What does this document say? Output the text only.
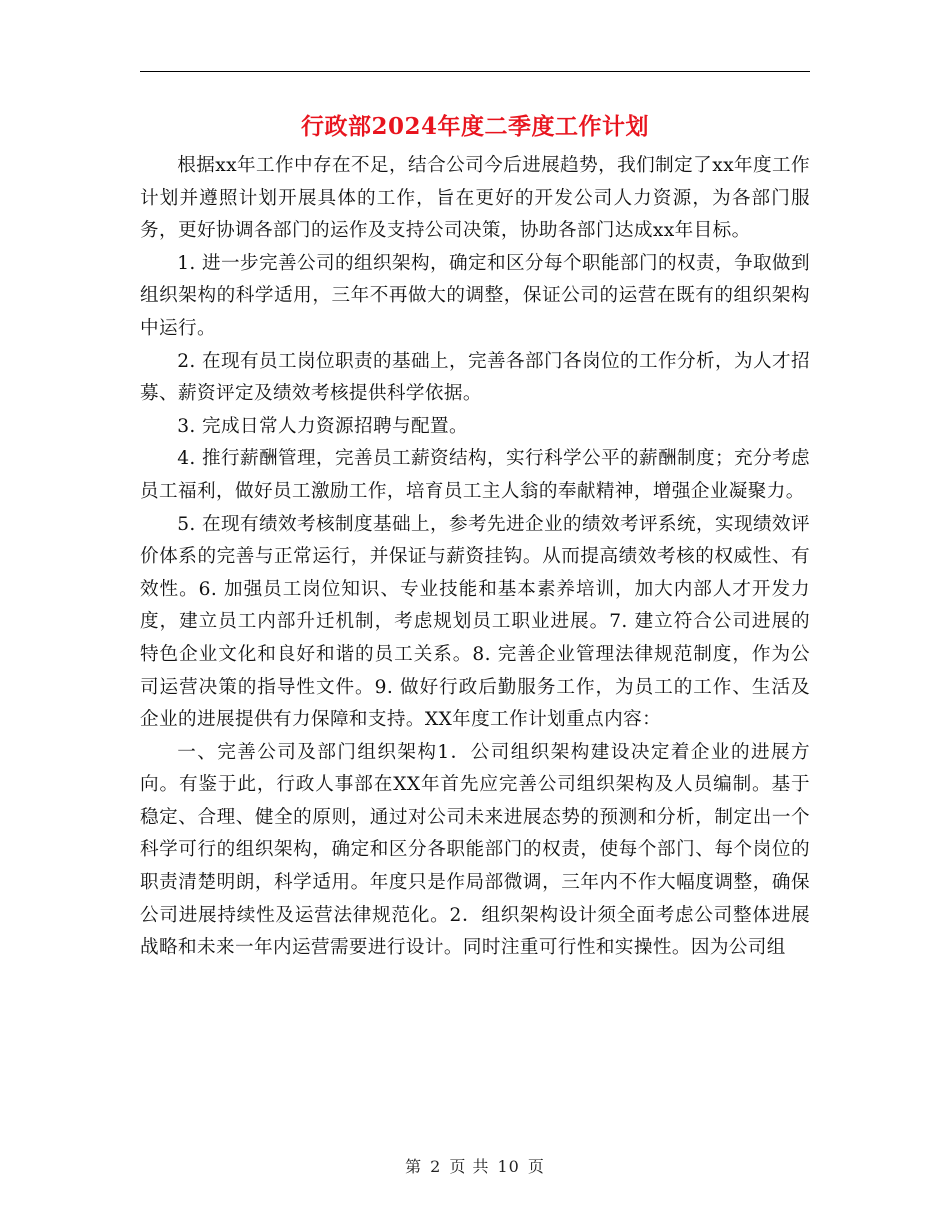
行政部2024年度二季度工作计划

根据xx年工作中存在不足，结合公司今后进展趋势，我们制定了xx年度工作计划并遵照计划开展具体的工作，旨在更好的开发公司人力资源，为各部门服务，更好协调各部门的运作及支持公司决策，协助各部门达成xx年目标。

1. 进一步完善公司的组织架构，确定和区分每个职能部门的权责，争取做到组织架构的科学适用，三年不再做大的调整，保证公司的运营在既有的组织架构中运行。

2. 在现有员工岗位职责的基础上，完善各部门各岗位的工作分析，为人才招募、薪资评定及绩效考核提供科学依据。

3. 完成日常人力资源招聘与配置。

4. 推行薪酬管理，完善员工薪资结构，实行科学公平的薪酬制度；充分考虑员工福利，做好员工激励工作，培育员工主人翁的奉献精神，增强企业凝聚力。

5. 在现有绩效考核制度基础上，参考先进企业的绩效考评系统，实现绩效评价体系的完善与正常运行，并保证与薪资挂钩。从而提高绩效考核的权威性、有效性。6. 加强员工岗位知识、专业技能和基本素养培训，加大内部人才开发力度，建立员工内部升迁机制，考虑规划员工职业进展。7. 建立符合公司进展的特色企业文化和良好和谐的员工关系。8. 完善企业管理法律规范制度，作为公司运营决策的指导性文件。9. 做好行政后勤服务工作，为员工的工作、生活及企业的进展提供有力保障和支持。XX年度工作计划重点内容：

一、完善公司及部门组织架构1．公司组织架构建设决定着企业的进展方向。有鉴于此，行政人事部在XX年首先应完善公司组织架构及人员编制。基于稳定、合理、健全的原则，通过对公司未来进展态势的预测和分析，制定出一个科学可行的组织架构，确定和区分各职能部门的权责，使每个部门、每个岗位的职责清楚明朗，科学适用。年度只是作局部微调，三年内不作大幅度调整，确保公司进展持续性及运营法律规范化。2．组织架构设计须全面考虑公司整体进展战略和未来一年内运营需要进行设计。同时注重可行性和实操性。因为公司组

第 2 页 共 10 页
